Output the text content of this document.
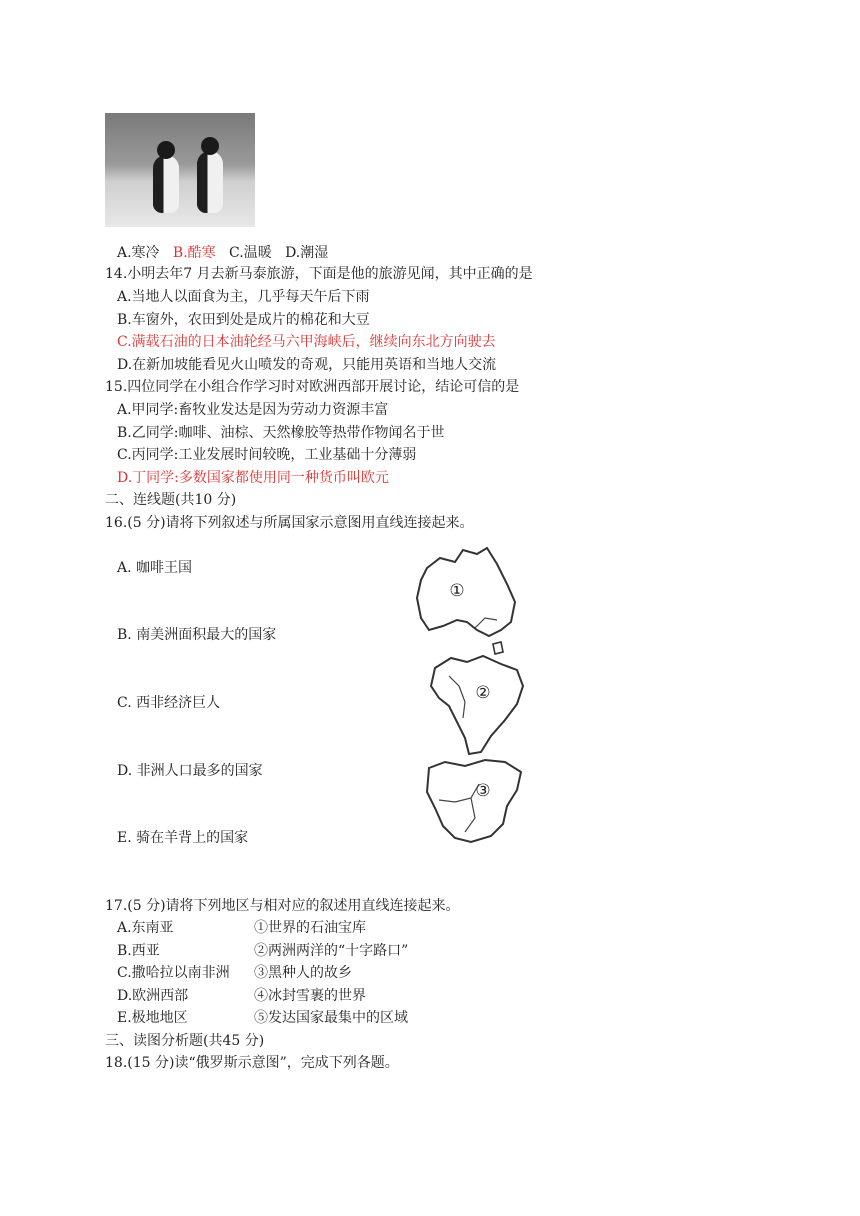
A.寒冷 B.酷寒 C.温暖 D.潮湿
14.小明去年7 月去新马泰旅游，下面是他的旅游见闻，其中正确的是
A.当地人以面食为主，几乎每天午后下雨
B.车窗外，农田到处是成片的棉花和大豆
C.满载石油的日本油轮经马六甲海峡后，继续向东北方向驶去
D.在新加坡能看见火山喷发的奇观，只能用英语和当地人交流
15.四位同学在小组合作学习时对欧洲西部开展讨论，结论可信的是
A.甲同学:畜牧业发达是因为劳动力资源丰富
B.乙同学:咖啡、油棕、天然橡胶等热带作物闻名于世
C.丙同学:工业发展时间较晚，工业基础十分薄弱
D.丁同学:多数国家都使用同一种货币叫欧元
二、连线题(共10 分)
16.(5 分)请将下列叙述与所属国家示意图用直线连接起来。
A. 咖啡王国
B. 南美洲面积最大的国家
C. 西非经济巨人
D. 非洲人口最多的国家
E. 骑在羊背上的国家
①
②
③
17.(5 分)请将下列地区与相对应的叙述用直线连接起来。
A.东南亚	①世界的石油宝库
B.西亚	②两洲两洋的“十字路口”
C.撒哈拉以南非洲 ③黑种人的故乡
D.欧洲西部	④冰封雪裹的世界
E.极地地区	⑤发达国家最集中的区域
三、读图分析题(共45 分)
18.(15 分)读“俄罗斯示意图”，完成下列各题。
